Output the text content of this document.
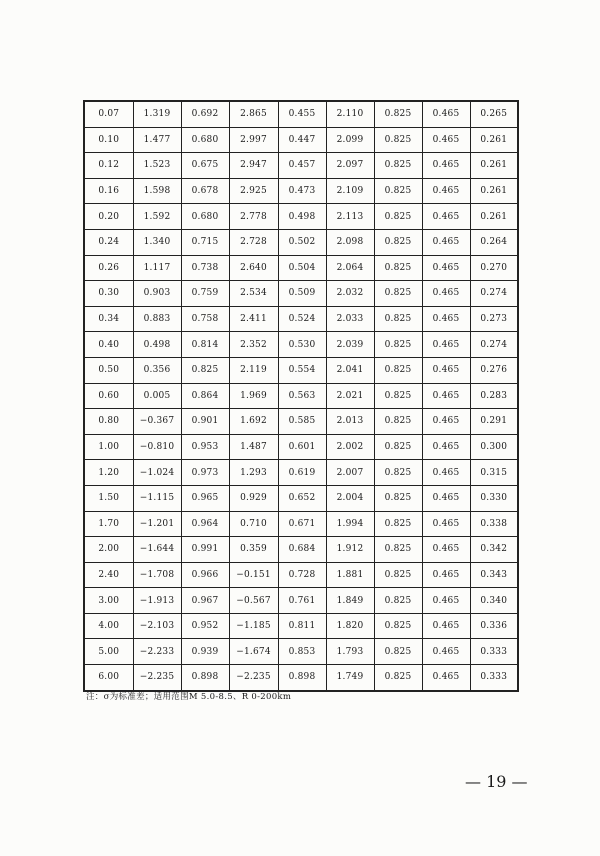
0.07	1.319	0.692	2.865	0.455	2.110	0.825	0.465	0.265
0.10	1.477	0.680	2.997	0.447	2.099	0.825	0.465	0.261
0.12	1.523	0.675	2.947	0.457	2.097	0.825	0.465	0.261
0.16	1.598	0.678	2.925	0.473	2.109	0.825	0.465	0.261
0.20	1.592	0.680	2.778	0.498	2.113	0.825	0.465	0.261
0.24	1.340	0.715	2.728	0.502	2.098	0.825	0.465	0.264
0.26	1.117	0.738	2.640	0.504	2.064	0.825	0.465	0.270
0.30	0.903	0.759	2.534	0.509	2.032	0.825	0.465	0.274
0.34	0.883	0.758	2.411	0.524	2.033	0.825	0.465	0.273
0.40	0.498	0.814	2.352	0.530	2.039	0.825	0.465	0.274
0.50	0.356	0.825	2.119	0.554	2.041	0.825	0.465	0.276
0.60	0.005	0.864	1.969	0.563	2.021	0.825	0.465	0.283
0.80	−0.367	0.901	1.692	0.585	2.013	0.825	0.465	0.291
1.00	−0.810	0.953	1.487	0.601	2.002	0.825	0.465	0.300
1.20	−1.024	0.973	1.293	0.619	2.007	0.825	0.465	0.315
1.50	−1.115	0.965	0.929	0.652	2.004	0.825	0.465	0.330
1.70	−1.201	0.964	0.710	0.671	1.994	0.825	0.465	0.338
2.00	−1.644	0.991	0.359	0.684	1.912	0.825	0.465	0.342
2.40	−1.708	0.966	−0.151	0.728	1.881	0.825	0.465	0.343
3.00	−1.913	0.967	−0.567	0.761	1.849	0.825	0.465	0.340
4.00	−2.103	0.952	−1.185	0.811	1.820	0.825	0.465	0.336
5.00	−2.233	0.939	−1.674	0.853	1.793	0.825	0.465	0.333
6.00	−2.235	0.898	−2.235	0.898	1.749	0.825	0.465	0.333
注：σ为标准差；适用范围M 5.0-8.5、R 0-200km
— 19 —
